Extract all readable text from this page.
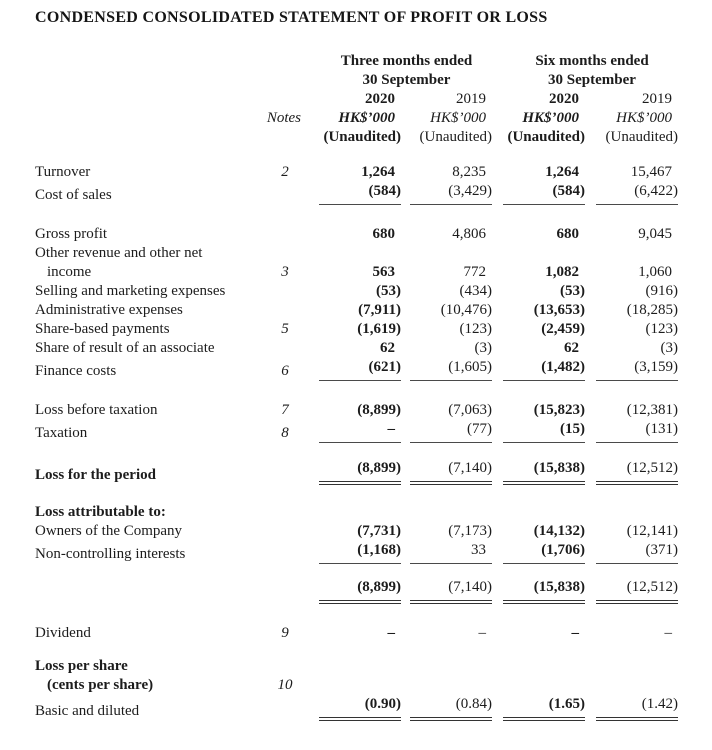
CONDENSED CONSOLIDATED STATEMENT OF PROFIT OR LOSS
		Three months ended		Six months ended	
		30 September		30 September	

		2020	2019	2020	2019

Notes		HK$’000	HK$’000	HK$’000	HK$’000

		(Unaudited)	(Unaudited)	(Unaudited)	(Unaudited)

Turnover	2	1,264	8,235	1,264	15,467

Cost of sales		(584)	(3,429)	(584)	(6,422)

Gross profit		680	4,806	680	9,045

Other revenue and other net		

income	3	563	772	1,082	1,060

Selling and marketing expenses		(53)	(434)	(53)	(916)

Administrative expenses		(7,911)	(10,476)	(13,653)	(18,285)

Share-based payments	5	(1,619)	(123)	(2,459)	(123)

Share of result of an associate		62	(3)	62	(3)

Finance costs	6	(621)	(1,605)	(1,482)	(3,159)

Loss before taxation	7	(8,899)	(7,063)	(15,823)	(12,381)

Taxation	8	–	(77)	(15)	(131)

Loss for the period		(8,899)	(7,140)	(15,838)	(12,512)

Loss attributable to:		

Owners of the Company		(7,731)	(7,173)	(14,132)	(12,141)

Non-controlling interests		(1,168)	33	(1,706)	(371)

		(8,899)	(7,140)	(15,838)	(12,512)

Dividend	9	–	–	–	–

Loss per share		

(cents per share)	10	

Basic and diluted		(0.90)	(0.84)	(1.65)	(1.42)
